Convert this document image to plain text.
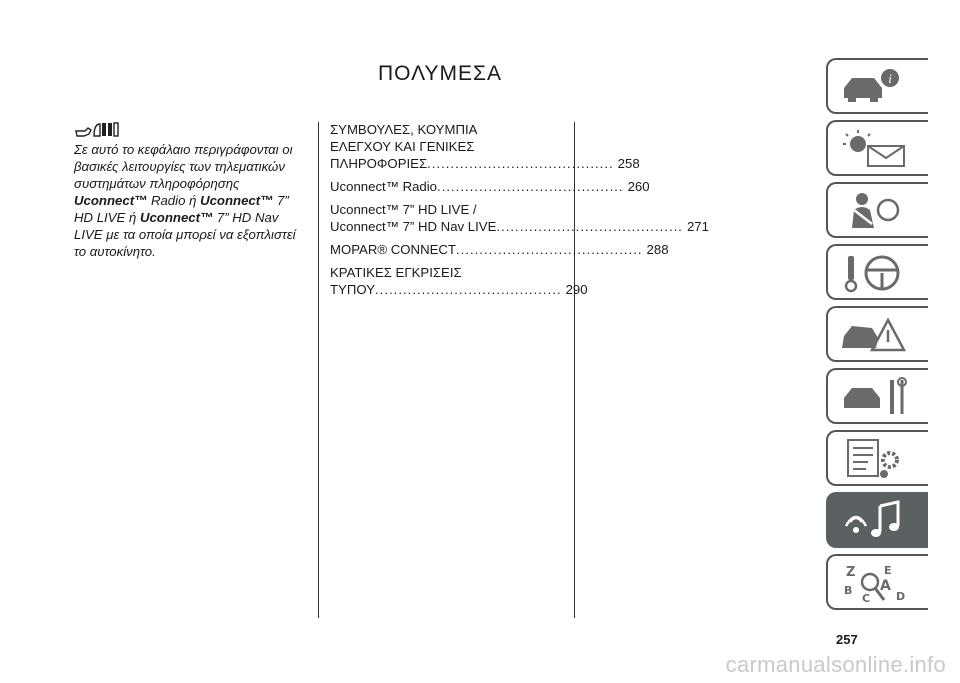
ΠΟΛΥΜΕΣΑ

Σε αυτό το κεφάλαιο περιγράφονται οι βασικές λειτουργίες των τηλεματικών συστημάτων πληροφόρησης Uconnect™ Radio ή Uconnect™ 7” HD LIVE ή Uconnect™ 7” HD Nav LIVE με τα οποία μπορεί να εξοπλιστεί το αυτοκίνητο.

ΣΥΜΒΟΥΛΕΣ, ΚΟΥΜΠΙΑ
ΕΛΕΓΧΟΥ ΚΑΙ ΓΕΝΙΚΕΣ
ΠΛΗΡΟΦΟΡΙΕΣ ........................................ 258
Uconnect™ Radio ........................................ 260
Uconnect™ 7” HD LIVE /
Uconnect™ 7” HD Nav LIVE ........................................ 271
MOPAR® CONNECT ........................................ 288
ΚΡΑΤΙΚΕΣ ΕΓΚΡΙΣΕΙΣ
ΤΥΠΟΥ ........................................ 290
i
Z	E
B A
C D
257
carmanualsonline.info
